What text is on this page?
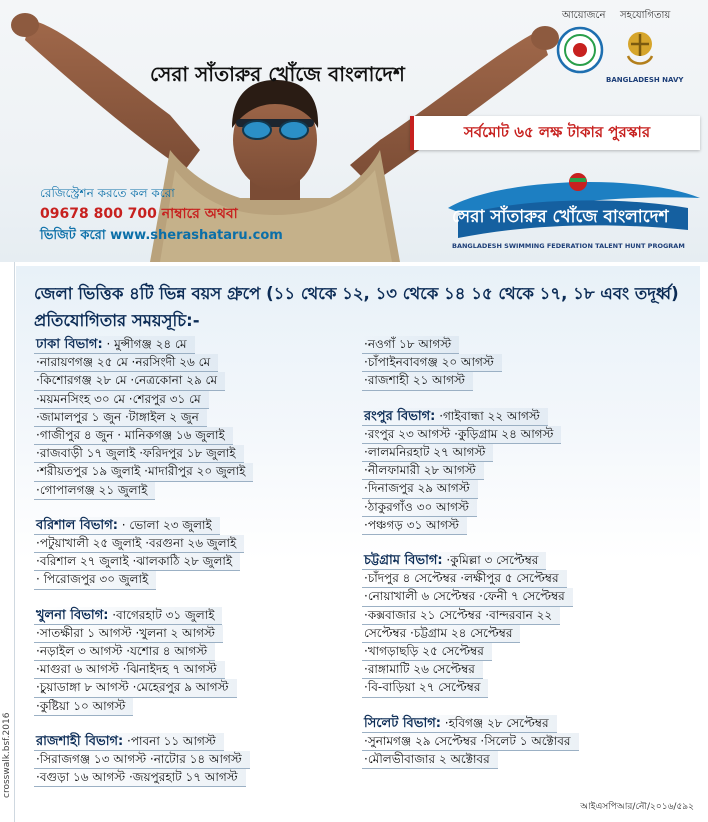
সেরা সাঁতারুর খোঁজে বাংলাদেশ
আয়োজনে সহযোগিতায়
BANGLADESH NAVY
সর্বমোট ৬৫ লক্ষ টাকার পুরস্কার
রেজিস্ট্রেশন করতে কল করো
09678 800 700 নাম্বারে অথবা
ভিজিট করো www.sherashataru.com
সেরা সাঁতারুর খোঁজে বাংলাদেশ
BANGLADESH SWIMMING FEDERATION TALENT HUNT PROGRAM
জেলা ভিত্তিক ৪টি ভিন্ন বয়স গ্রুপে (১১ থেকে ১২, ১৩ থেকে ১৪ ১৫ থেকে ১৭, ১৮ এবং তদূর্ধ্ব) প্রতিযোগিতার সময়সূচি:-
ঢাকা বিভাগ: · মুন্সীগঞ্জ ২৪ মে
·নারায়ণগঞ্জ ২৫ মে ·নরসিংদী ২৬ মে
·কিশোরগঞ্জ ২৮ মে ·নেত্রকোনা ২৯ মে
·ময়মনসিংহ ৩০ মে ·শেরপুর ৩১ মে
·জামালপুর ১ জুন ·টাঙ্গাইল ২ জুন
·গাজীপুর ৪ জুন · মানিকগঞ্জ ১৬ জুলাই
·রাজবাড়ী ১৭ জুলাই ·ফরিদপুর ১৮ জুলাই
·শরীয়তপুর ১৯ জুলাই ·মাদারীপুর ২০ জুলাই
·গোপালগঞ্জ ২১ জুলাই
বরিশাল বিভাগ: · ভোলা ২৩ জুলাই
·পটুয়াখালী ২৫ জুলাই ·বরগুনা ২৬ জুলাই
·বরিশাল ২৭ জুলাই ·ঝালকাঠি ২৮ জুলাই
· পিরোজপুর ৩০ জুলাই
খুলনা বিভাগ: ·বাগেরহাট ৩১ জুলাই
·সাতক্ষীরা ১ আগস্ট ·খুলনা ২ আগস্ট
·নড়াইল ৩ আগস্ট ·যশোর ৪ আগস্ট
·মাগুরা ৬ আগস্ট ·ঝিনাইদহ ৭ আগস্ট
·চুয়াডাঙ্গা ৮ আগস্ট ·মেহেরপুর ৯ আগস্ট
·কুষ্টিয়া ১০ আগস্ট
রাজশাহী বিভাগ: ·পাবনা ১১ আগস্ট
·সিরাজগঞ্জ ১৩ আগস্ট ·নাটোর ১৪ আগস্ট
·বগুড়া ১৬ আগস্ট ·জয়পুরহাট ১৭ আগস্ট
·নওগাঁ ১৮ আগস্ট
·চাঁপাইনবাবগঞ্জ ২০ আগস্ট
·রাজশাহী ২১ আগস্ট
রংপুর বিভাগ: ·গাইবান্ধা ২২ আগস্ট
·রংপুর ২৩ আগস্ট ·কুড়িগ্রাম ২৪ আগস্ট
·লালমনিরহাট ২৭ আগস্ট
·নীলফামারী ২৮ আগস্ট
·দিনাজপুর ২৯ আগস্ট
·ঠাকুরগাঁও ৩০ আগস্ট
·পঞ্চগড় ৩১ আগস্ট
চট্টগ্রাম বিভাগ: ·কুমিল্লা ৩ সেপ্টেম্বর
·চাঁদপুর ৪ সেপ্টেম্বর ·লক্ষীপুর ৫ সেপ্টেম্বর
·নোয়াখালী ৬ সেপ্টেম্বর ·ফেনী ৭ সেপ্টেম্বর
·কক্সবাজার ২১ সেপ্টেম্বর ·বান্দরবান ২২
সেপ্টেম্বর ·চট্টগ্রাম ২৪ সেপ্টেম্বর
·খাগড়াছড়ি ২৫ সেপ্টেম্বর
·রাঙ্গামাটি ২৬ সেপ্টেম্বর
·বি-বাড়িয়া ২৭ সেপ্টেম্বর
সিলেট বিভাগ: ·হবিগঞ্জ ২৮ সেপ্টেম্বর
·সুনামগঞ্জ ২৯ সেপ্টেম্বর ·সিলেট ১ অক্টোবর
·মৌলভীবাজার ২ অক্টোবর
crosswalk.bsf.2016
আইএসপিআর/নৌ/২০১৬/৫৯২
